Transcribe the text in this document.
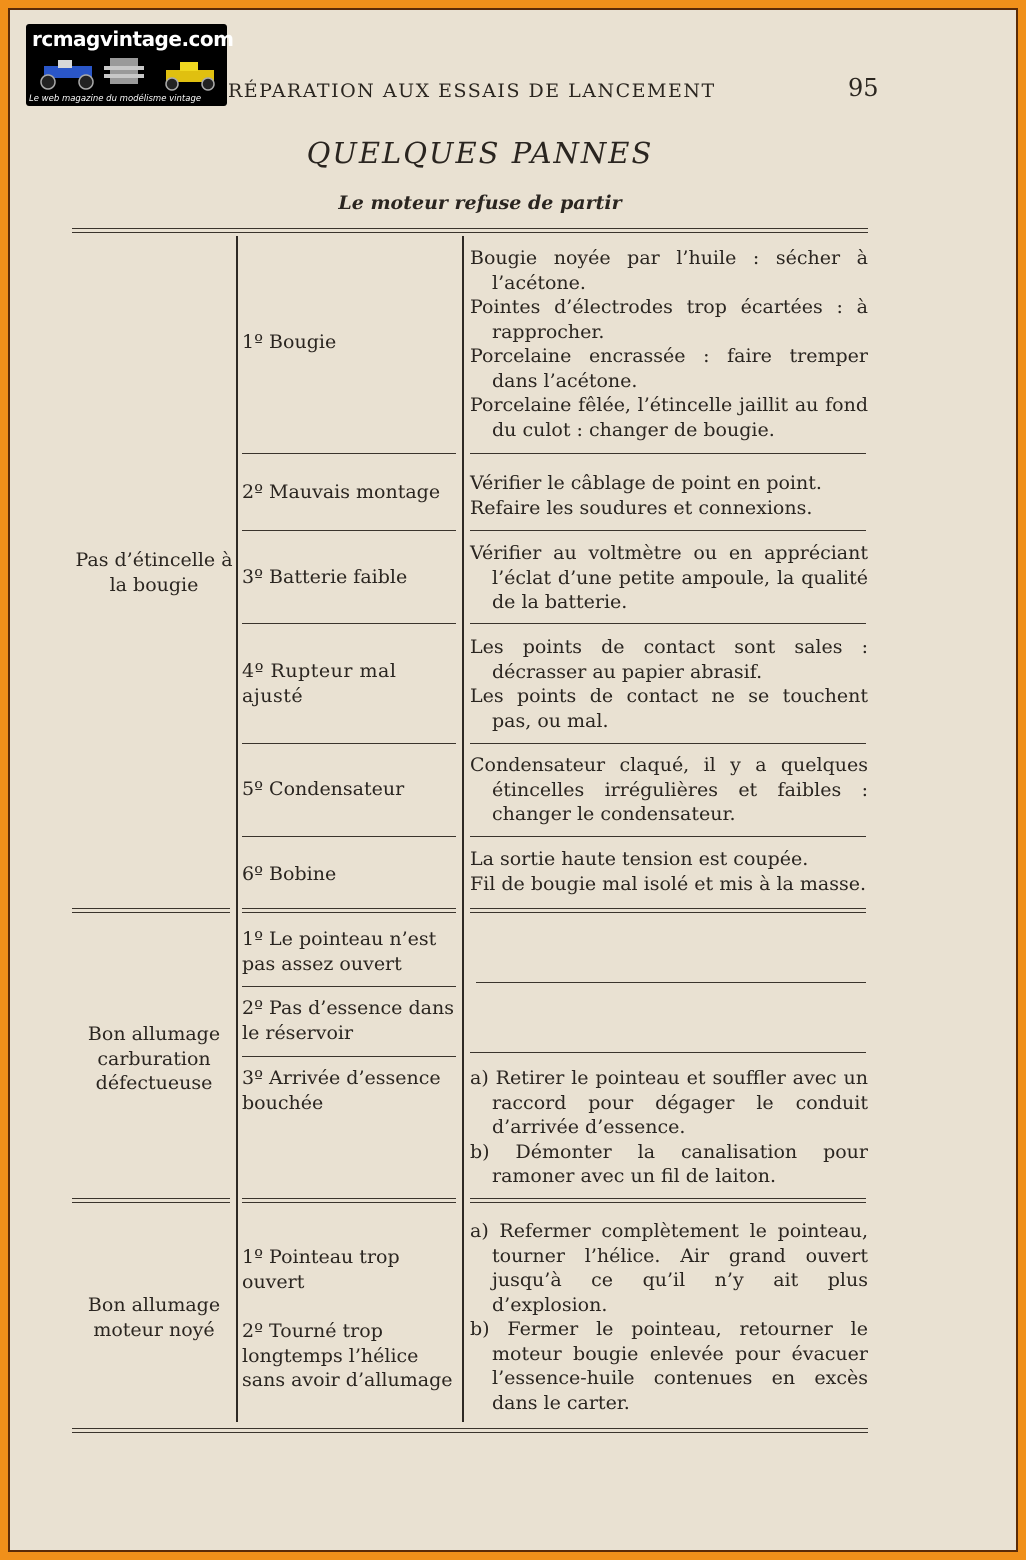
rcmagvintage.com
Le web magazine du modélisme vintage RÉPARATION AUX ESSAIS DE LANCEMENT	95
QUELQUES PANNES
Le moteur refuse de partir
Pas d’étincelle à la bougie
1º Bougie

Bougie noyée par l’huile : sécher à l’acétone.

Pointes d’électrodes trop écartées : à rapprocher.

Porcelaine encrassée : faire tremper dans l’acétone.

Porcelaine fêlée, l’étincelle jaillit au fond du culot : changer de bougie.

2º Mauvais montage	Vérifier le câblage de point en point.

Refaire les soudures et connexions.

3º Batterie faible

Vérifier au voltmètre ou en appréciant l’éclat d’une petite ampoule, la qualité de la batterie.

4º Rupteur mal ajusté

Les points de contact sont sales : décrasser au papier abrasif.

Les points de contact ne se touchent pas, ou mal.

5º Condensateur

Condensateur claqué, il y a quelques étincelles irrégulières et faibles : changer le condensateur.

6º Bobine

La sortie haute tension est coupée.

Fil de bougie mal isolé et mis à la masse.

Bon allumage carburation défectueuse
1º Le pointeau n’est pas assez ouvert
2º Pas d’essence dans le réservoir
3º Arrivée d’essence bouchée

a) Retirer le pointeau et souffler avec un raccord pour dégager le conduit d’arrivée d’essence.

b) Démonter la canalisation pour ramoner avec un fil de laiton.

Bon allumage moteur noyé
1º Pointeau trop ouvert
2º Tourné trop longtemps l’hélice sans avoir d’allumage

a) Refermer complètement le pointeau, tourner l’hélice. Air grand ouvert jusqu’à ce qu’il n’y ait plus d’explosion.

b) Fermer le pointeau, retourner le moteur bougie enlevée pour évacuer l’essence-huile contenues en excès dans le carter.
